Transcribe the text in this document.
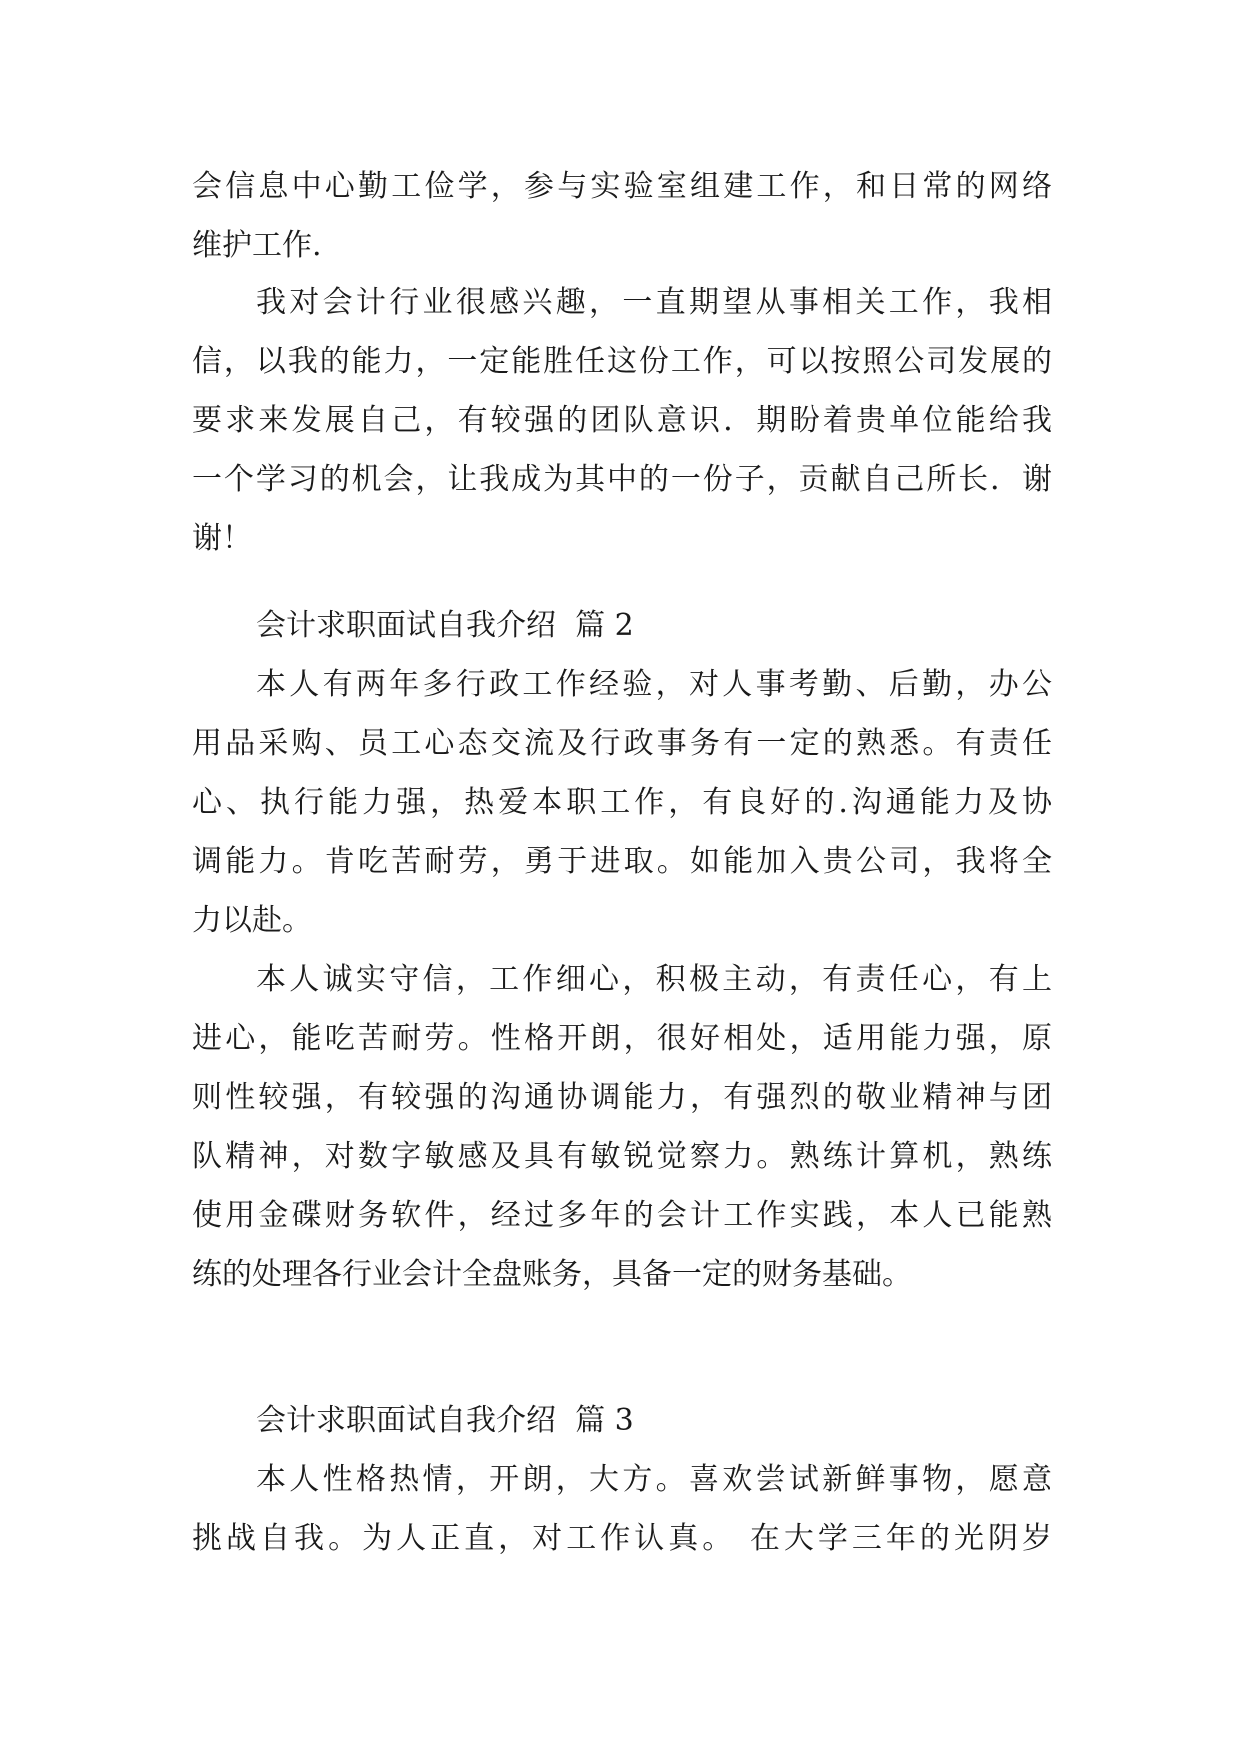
会信息中心勤工俭学，参与实验室组建工作，和日常的网络
维护工作.
我对会计行业很感兴趣，一直期望从事相关工作，我相
信，以我的能力，一定能胜任这份工作，可以按照公司发展的
要求来发展自己，有较强的团队意识．期盼着贵单位能给我
一个学习的机会，让我成为其中的一份子，贡献自己所长．谢
谢！
会计求职面试自我介绍  篇 2
本人有两年多行政工作经验，对人事考勤、后勤，办公
用品采购、员工心态交流及行政事务有一定的熟悉。有责任
心、执行能力强，热爱本职工作，有良好的.沟通能力及协
调能力。肯吃苦耐劳，勇于进取。如能加入贵公司，我将全
力以赴。
本人诚实守信，工作细心，积极主动，有责任心，有上
进心，能吃苦耐劳。性格开朗，很好相处，适用能力强，原
则性较强，有较强的沟通协调能力，有强烈的敬业精神与团
队精神，对数字敏感及具有敏锐觉察力。熟练计算机，熟练
使用金碟财务软件，经过多年的会计工作实践，本人已能熟
练的处理各行业会计全盘账务，具备一定的财务基础。
会计求职面试自我介绍  篇 3
本人性格热情，开朗，大方。喜欢尝试新鲜事物，愿意
挑战自我。为人正直，对工作认真。 在大学三年的光阴岁
